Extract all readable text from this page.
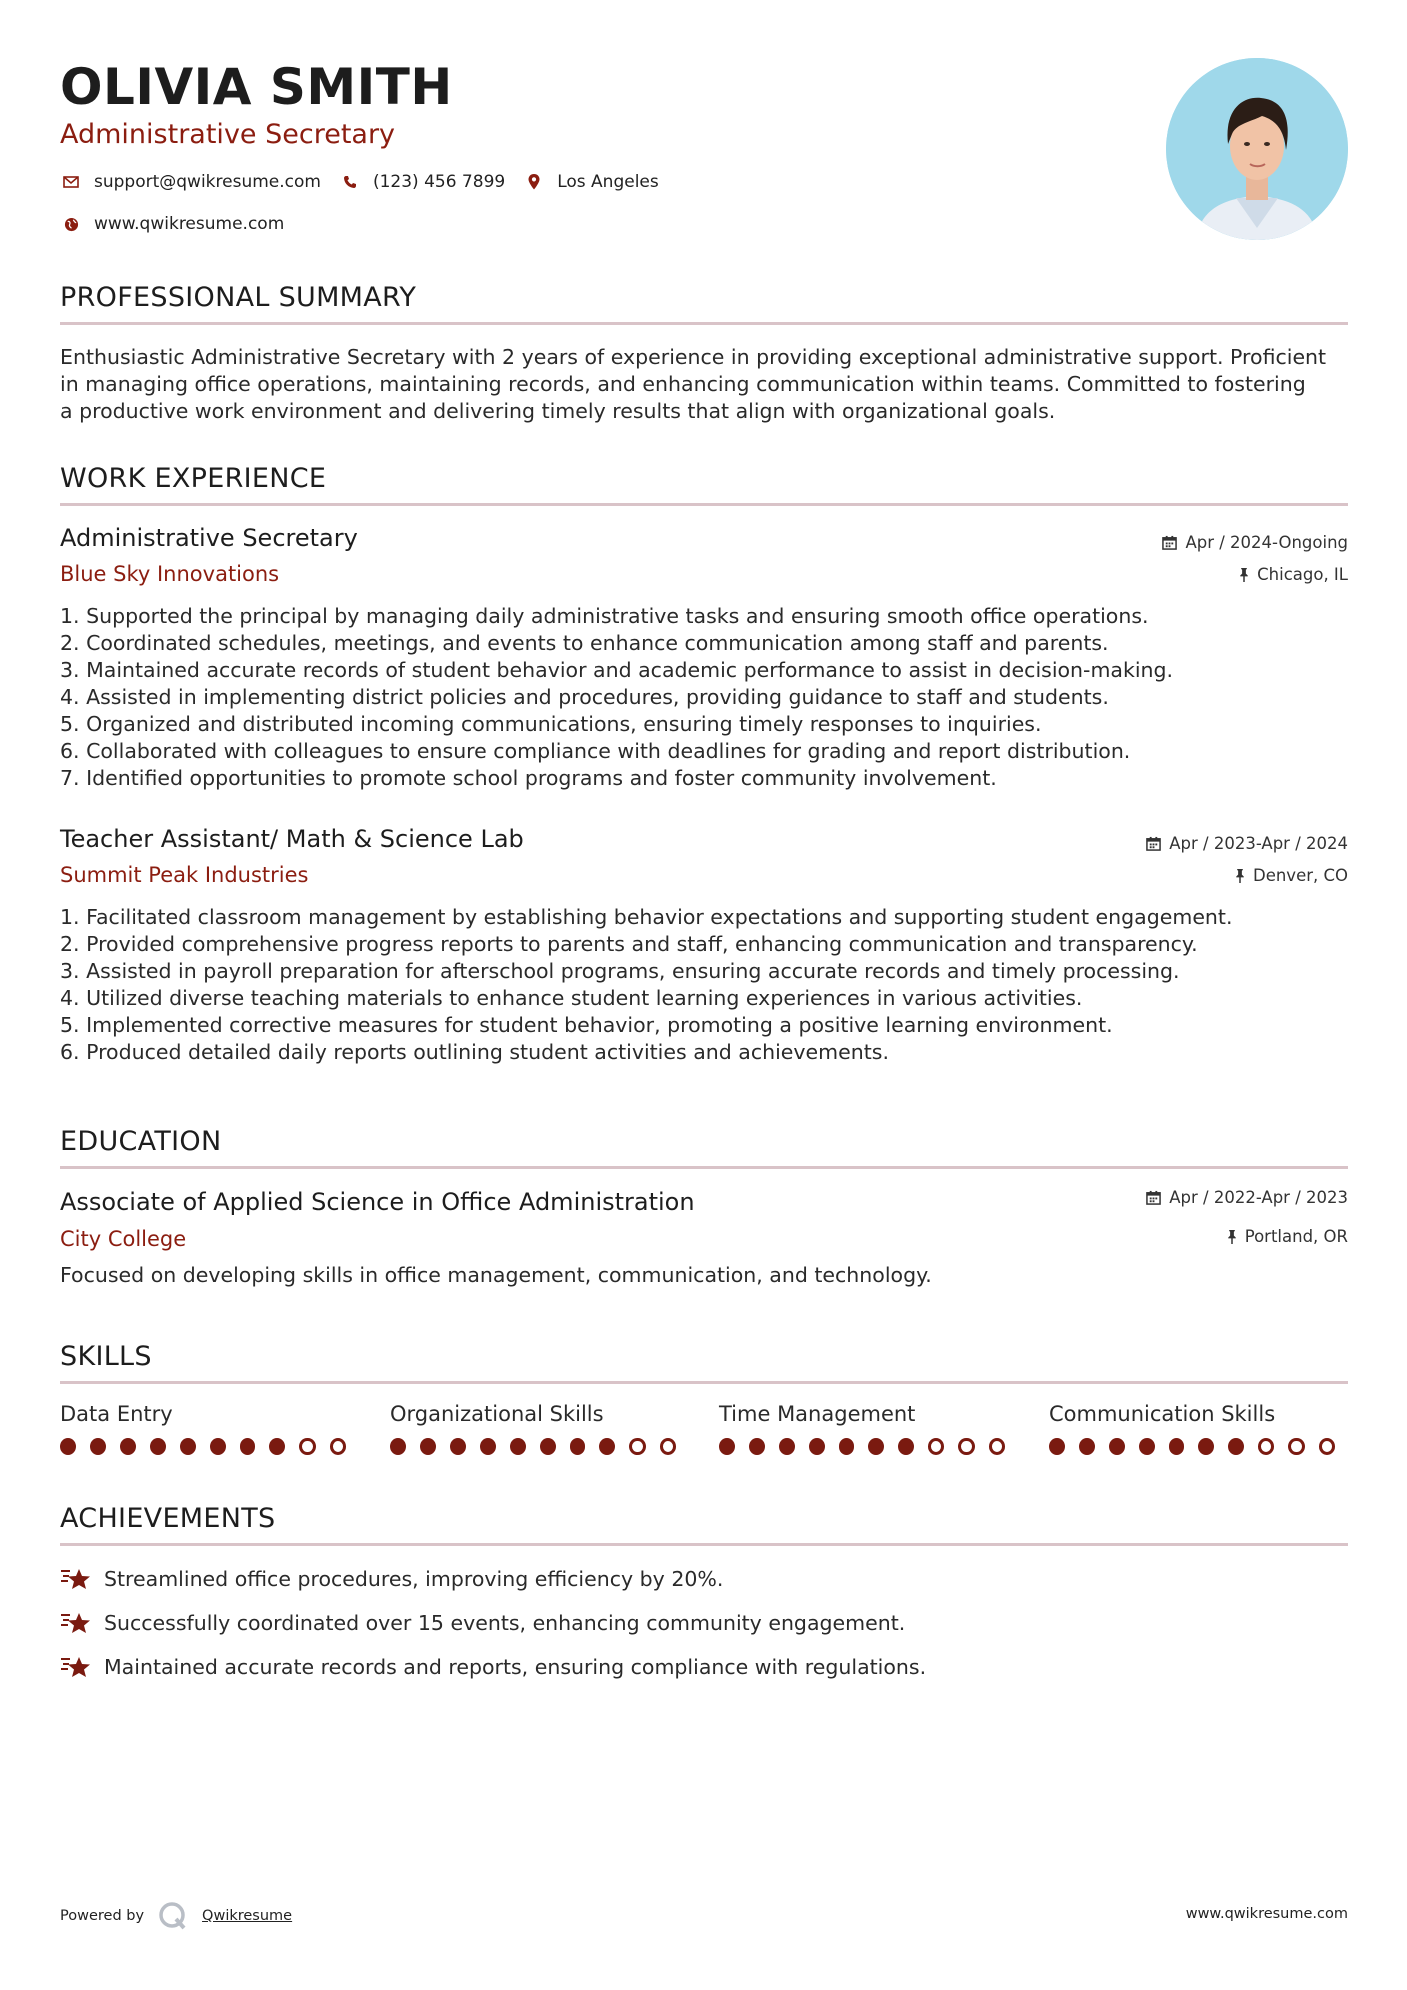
OLIVIA SMITH
Administrative Secretary
support@qwikresume.com	(123) 456 7899	Los Angeles
www.qwikresume.com
PROFESSIONAL SUMMARY
Enthusiastic Administrative Secretary with 2 years of experience in providing exceptional administrative support. Proficient
in managing office operations, maintaining records, and enhancing communication within teams. Committed to fostering
a productive work environment and delivering timely results that align with organizational goals.
WORK EXPERIENCE
Administrative Secretary
Blue Sky Innovations
Apr / 2024-Ongoing
Chicago, IL
1. Supported the principal by managing daily administrative tasks and ensuring smooth office operations.
2. Coordinated schedules, meetings, and events to enhance communication among staff and parents.
3. Maintained accurate records of student behavior and academic performance to assist in decision-making.
4. Assisted in implementing district policies and procedures, providing guidance to staff and students.
5. Organized and distributed incoming communications, ensuring timely responses to inquiries.
6. Collaborated with colleagues to ensure compliance with deadlines for grading and report distribution.
7. Identified opportunities to promote school programs and foster community involvement.
Teacher Assistant/ Math & Science Lab
Summit Peak Industries
Apr / 2023-Apr / 2024
Denver, CO
1. Facilitated classroom management by establishing behavior expectations and supporting student engagement.
2. Provided comprehensive progress reports to parents and staff, enhancing communication and transparency.
3. Assisted in payroll preparation for afterschool programs, ensuring accurate records and timely processing.
4. Utilized diverse teaching materials to enhance student learning experiences in various activities.
5. Implemented corrective measures for student behavior, promoting a positive learning environment.
6. Produced detailed daily reports outlining student activities and achievements.
EDUCATION
Associate of Applied Science in Office Administration
City College
Apr / 2022-Apr / 2023
Portland, OR
Focused on developing skills in office management, communication, and technology.
SKILLS
Data Entry	Organizational Skills	Time Management	Communication Skills
ACHIEVEMENTS
Streamlined office procedures, improving efficiency by 20%.
Successfully coordinated over 15 events, enhancing community engagement.
Maintained accurate records and reports, ensuring compliance with regulations.
Powered by	Qwikresume	www.qwikresume.com
